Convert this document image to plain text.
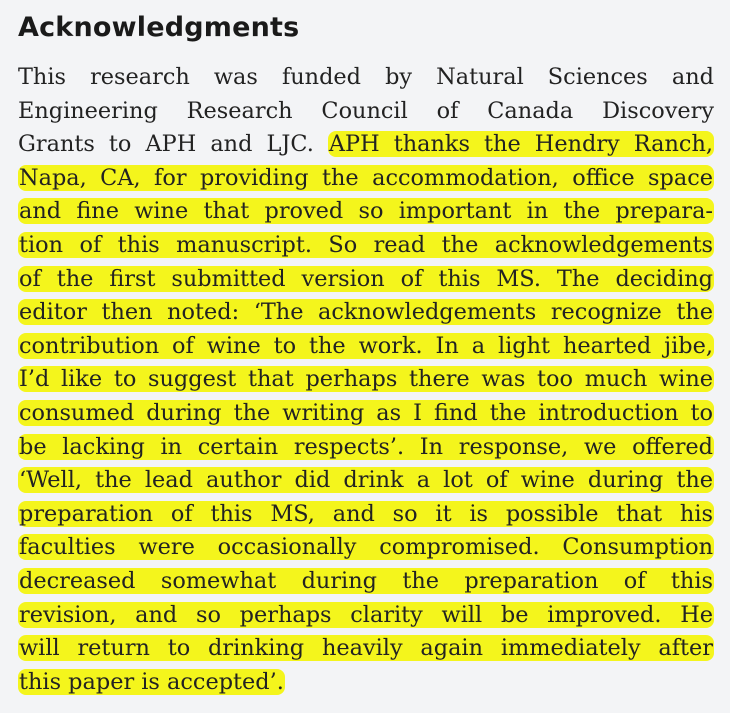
Acknowledgments
This research was funded by Natural Sciences and
Engineering Research Council of Canada Discovery
Grants to APH and LJC. APH thanks the Hendry Ranch,
Napa, CA, for providing the accommodation, office space
and fine wine that proved so important in the prepara-
tion of this manuscript. So read the acknowledgements
of the first submitted version of this MS. The deciding
editor then noted: ‘The acknowledgements recognize the
contribution of wine to the work. In a light hearted jibe,
I’d like to suggest that perhaps there was too much wine
consumed during the writing as I find the introduction to
be lacking in certain respects’. In response, we offered
‘Well, the lead author did drink a lot of wine during the
preparation of this MS, and so it is possible that his
faculties were occasionally compromised. Consumption
decreased somewhat during the preparation of this
revision, and so perhaps clarity will be improved. He
will return to drinking heavily again immediately after
this paper is accepted’.
